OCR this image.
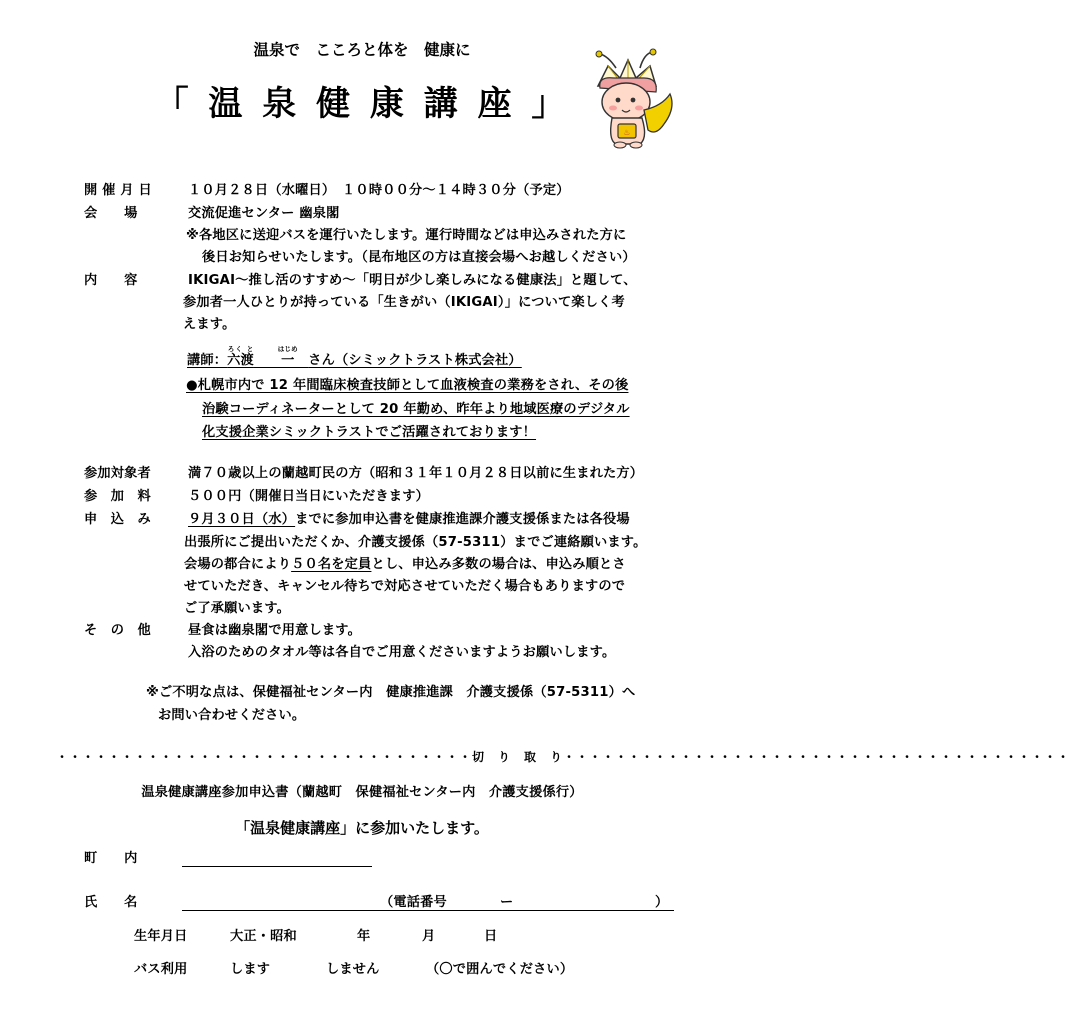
温泉で　こころと体を　健康に
「 温 泉 健 康 講 座 」
♨
開 催 月 日	１０月２８日（水曜日）　１０時００分～１４時３０分（予定）
会　　場	交流促進センター 幽泉閣
※各地区に送迎バスを運行いたします。運行時間などは申込みされた方に
後日お知らせいたします。（昆布地区の方は直接会場へお越しください）
内　　容	IKIGAI～推し活のすすめ～「明日が少し楽しみになる健康法」と題して、
参加者一人ひとりが持っている「生きがい（IKIGAI）」について楽しく考
えます。
講師：六渡ろく と　　一はじめ　さん（シミックトラスト株式会社）
●札幌市内で 12 年間臨床検査技師として血液検査の業務をされ、その後
治験コーディネーターとして 20 年勤め、昨年より地域医療のデジタル
化支援企業シミックトラストでご活躍されております！
参加対象者	満７０歳以上の蘭越町民の方（昭和３１年１０月２８日以前に生まれた方）
参　加　料	５００円（開催日当日にいただきます）
申　込　み	９月３０日（水）までに参加申込書を健康推進課介護支援係または各役場
出張所にご提出いただくか、介護支援係（57-5311）までご連絡願います。
会場の都合により５０名を定員とし、申込み多数の場合は、申込み順とさ
せていただき、キャンセル待ちで対応させていただく場合もありますので
ご了承願います。
そ　の　他	昼食は幽泉閣で用意します。
入浴のためのタオル等は各自でご用意くださいますようお願いします。
※ご不明な点は、保健福祉センター内　健康推進課　介護支援係（57-5311）へ
お問い合わせください。
・・・・・・・・・・・・・・・・・・・・・・・・・・・・・・・・切　り　取　り・・・・・・・・・・・・・・・・・・・・・・・・・・・・・・・・・・・・・・・
温泉健康講座参加申込書（蘭越町　保健福祉センター内　介護支援係行）
「温泉健康講座」に参加いたします。
町　　内
氏　　名	（電話番号	ー	）
生年月日	大正・昭和	年	月	日
バス利用	します	しません	（〇で囲んでください）
